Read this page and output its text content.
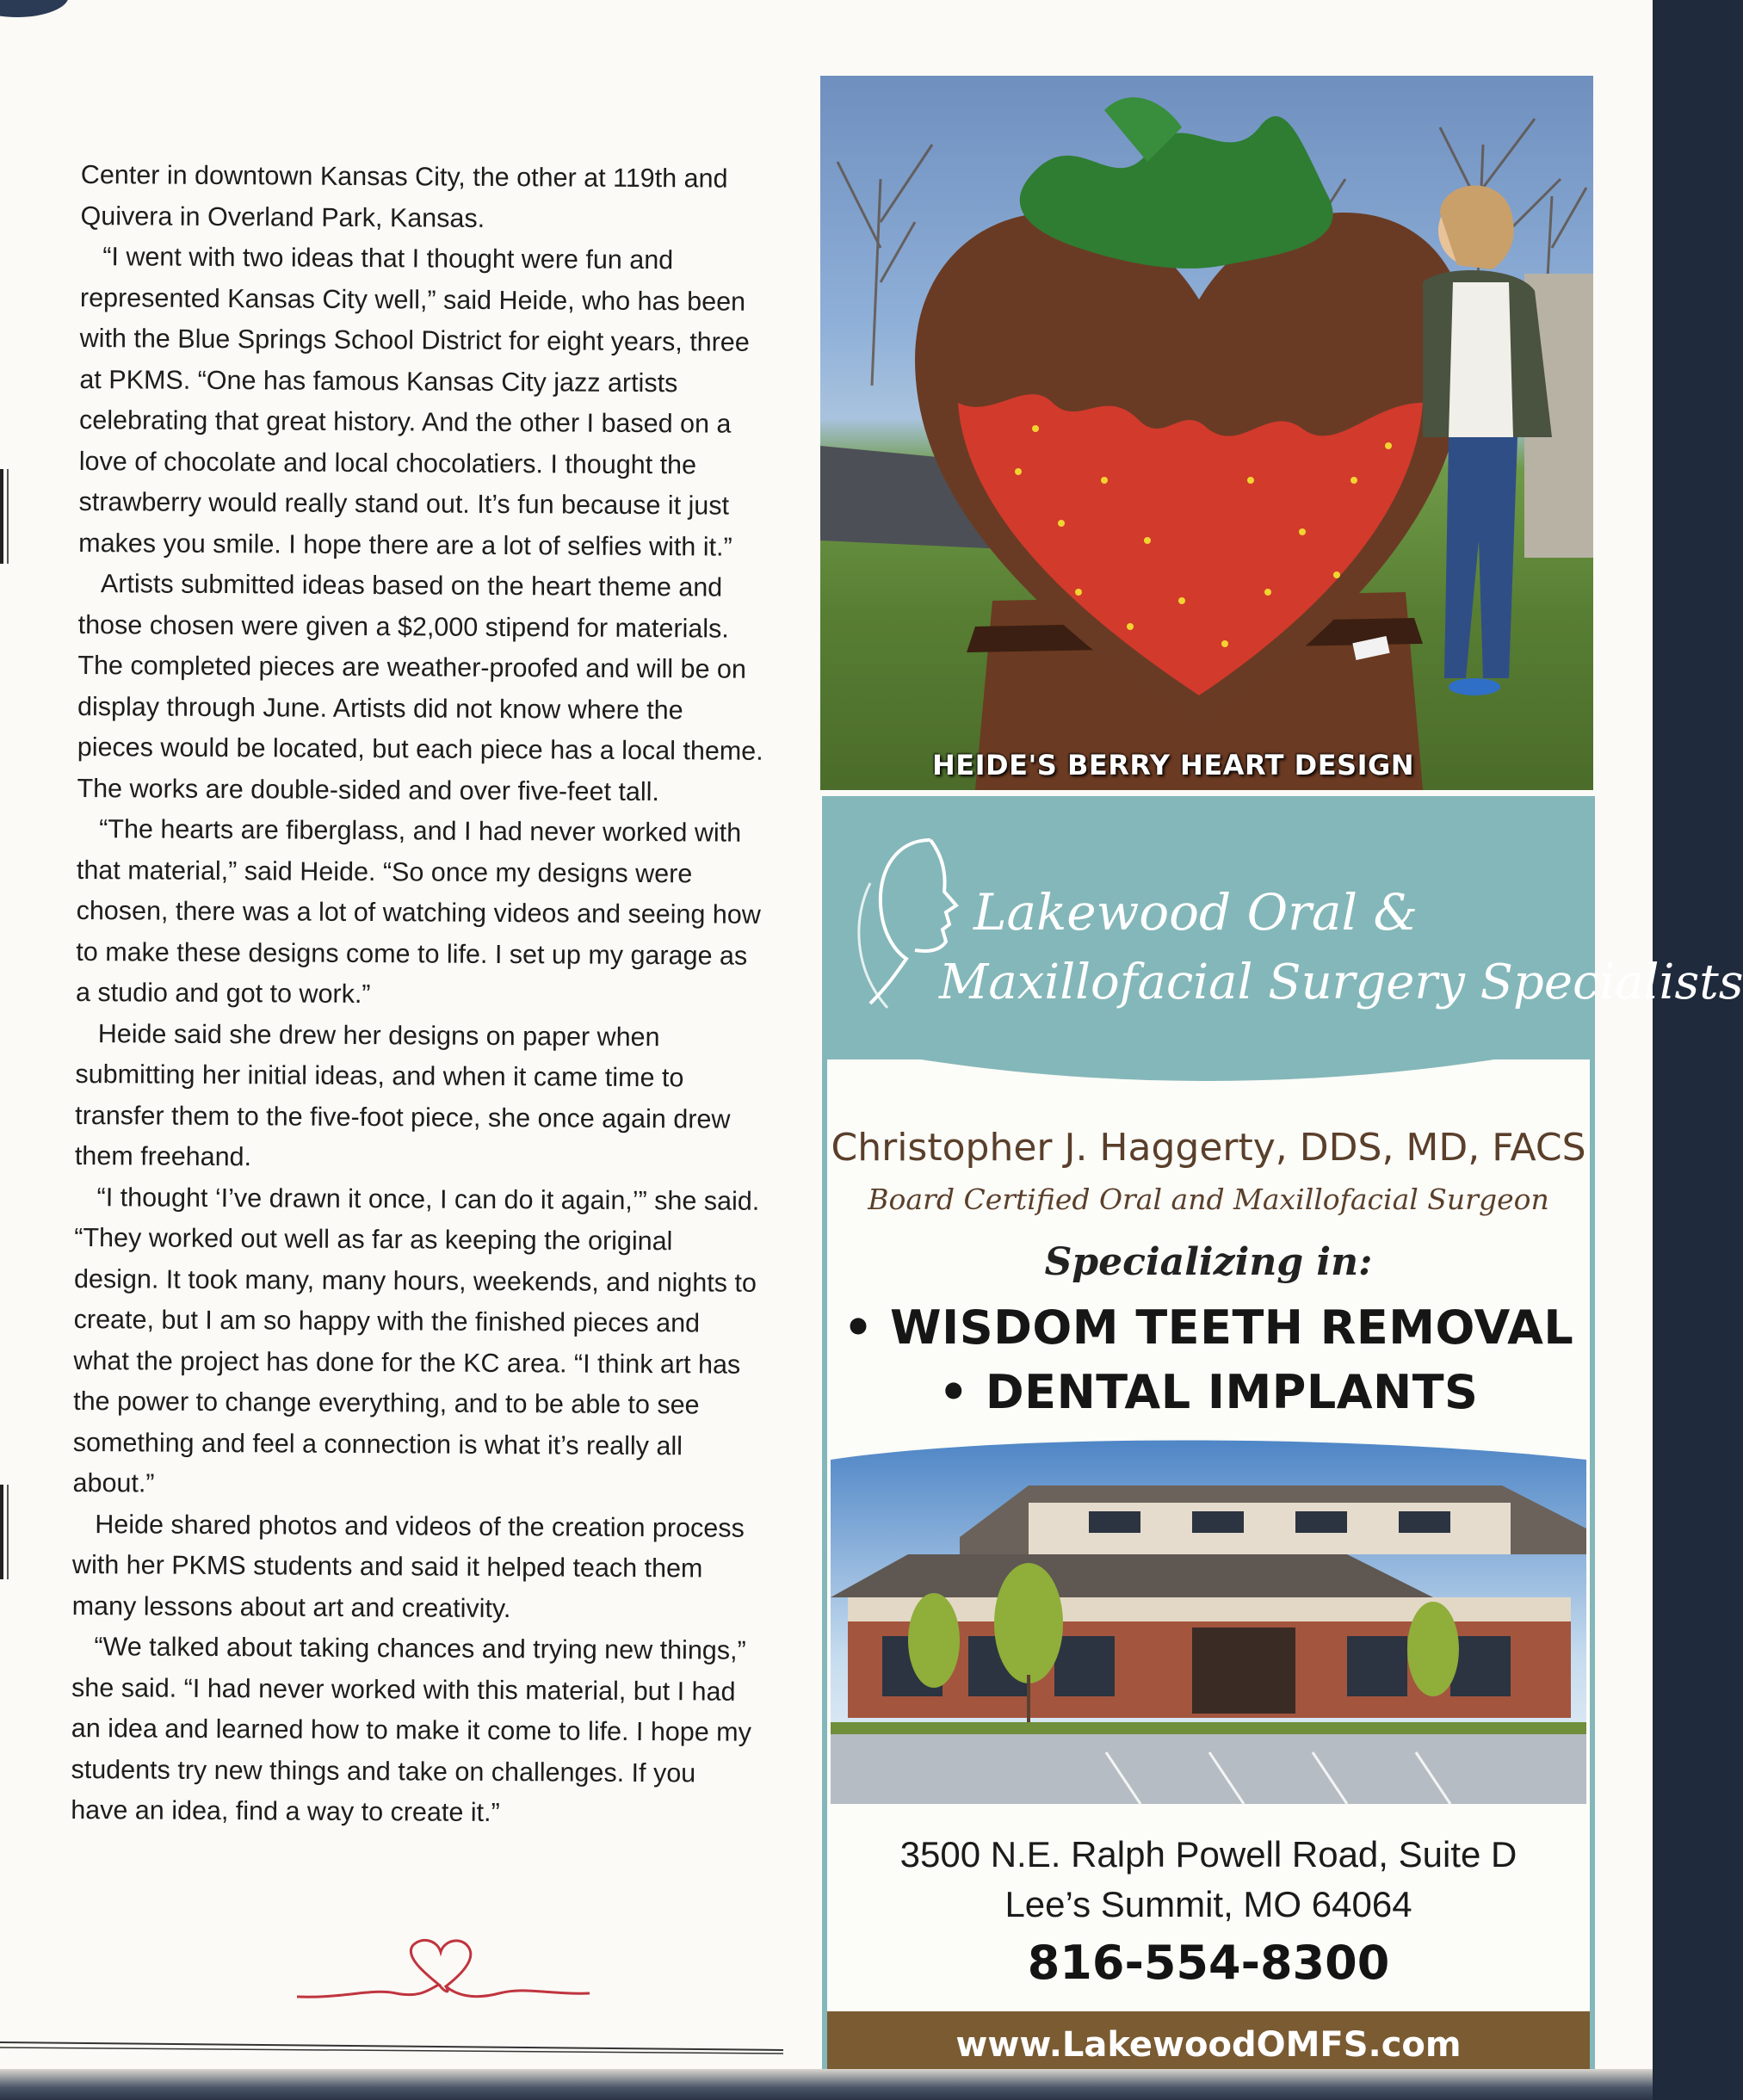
Center in downtown Kansas City, the other at 119th and Quivera in Overland Park, Kansas.

“I went with two ideas that I thought were fun and represented Kansas City well,” said Heide, who has been with the Blue Springs School District for eight years, three at PKMS. “One has famous Kansas City jazz artists celebrating that great history. And the other I based on a love of chocolate and local chocolatiers. I thought the strawberry would really stand out. It’s fun because it just makes you smile. I hope there are a lot of selfies with it.”

Artists submitted ideas based on the heart theme and those chosen were given a $2,000 stipend for materials. The completed pieces are weather-proofed and will be on display through June. Artists did not know where the pieces would be located, but each piece has a local theme. The works are double-sided and over five-feet tall.

“The hearts are fiberglass, and I had never worked with that material,” said Heide. “So once my designs were chosen, there was a lot of watching videos and seeing how to make these designs come to life. I set up my garage as a studio and got to work.”

Heide said she drew her designs on paper when submitting her initial ideas, and when it came time to transfer them to the five-foot piece, she once again drew them freehand.

“I thought ‘I’ve drawn it once, I can do it again,’” she said. “They worked out well as far as keeping the original design. It took many, many hours, weekends, and nights to create, but I am so happy with the finished pieces and what the project has done for the KC area. “I think art has the power to change everything, and to be able to see something and feel a connection is what it’s really all about.”

Heide shared photos and videos of the creation process with her PKMS students and said it helped teach them many lessons about art and creativity.

“We talked about taking chances and trying new things,” she said. “I had never worked with this material, but I had an idea and learned how to make it come to life. I hope my students try new things and take on challenges. If you have an idea, find a way to create it.”

HEIDE'S BERRY HEART DESIGN
Lakewood Oral &
Maxillofacial Surgery Specialists
Christopher J. Haggerty, DDS, MD, FACS
Board Certified Oral and Maxillofacial Surgeon
Specializing in:
• WISDOM TEETH REMOVAL
• DENTAL IMPLANTS
3500 N.E. Ralph Powell Road, Suite D
Lee’s Summit, MO 64064
816-554-8300
www.LakewoodOMFS.com
